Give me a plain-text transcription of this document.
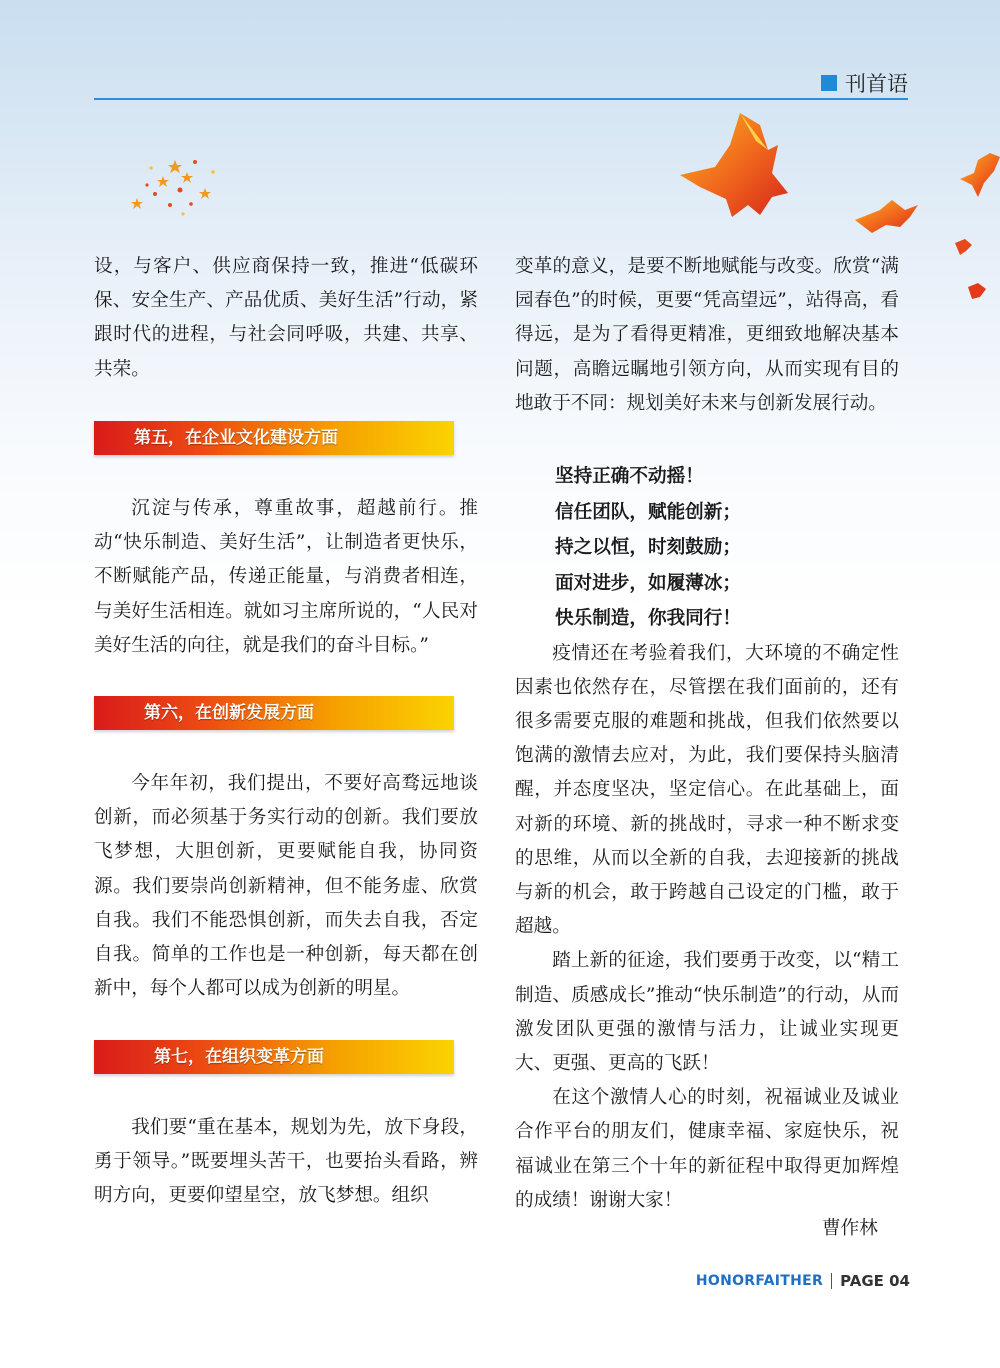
刊首语

设，与客户、供应商保持一致，推进“低碳环保、安全生产、产品优质、美好生活”行动，紧跟时代的进程，与社会同呼吸，共建、共享、共荣。

第五，在企业文化建设方面

沉淀与传承，尊重故事，超越前行。推动“快乐制造、美好生活”，让制造者更快乐，不断赋能产品，传递正能量，与消费者相连，与美好生活相连。就如习主席所说的，“人民对美好生活的向往，就是我们的奋斗目标。”

第六，在创新发展方面

今年年初，我们提出，不要好高骛远地谈创新，而必须基于务实行动的创新。我们要放飞梦想，大胆创新，更要赋能自我，协同资源。我们要崇尚创新精神，但不能务虚、欣赏自我。我们不能恐惧创新，而失去自我，否定自我。简单的工作也是一种创新，每天都在创新中，每个人都可以成为创新的明星。

第七，在组织变革方面

我们要“重在基本，规划为先，放下身段，勇于领导。”既要埋头苦干，也要抬头看路，辨明方向，更要仰望星空，放飞梦想。组织

变革的意义，是要不断地赋能与改变。欣赏“满园春色”的时候，更要“凭高望远”，站得高，看得远，是为了看得更精准，更细致地解决基本问题，高瞻远瞩地引领方向，从而实现有目的地敢于不同：规划美好未来与创新发展行动。

坚持正确不动摇！

信任团队，赋能创新；

持之以恒，时刻鼓励；

面对进步，如履薄冰；

快乐制造，你我同行！

疫情还在考验着我们，大环境的不确定性因素也依然存在，尽管摆在我们面前的，还有很多需要克服的难题和挑战，但我们依然要以饱满的激情去应对，为此，我们要保持头脑清醒，并态度坚决，坚定信心。在此基础上，面对新的环境、新的挑战时，寻求一种不断求变的思维，从而以全新的自我，去迎接新的挑战与新的机会，敢于跨越自己设定的门槛，敢于超越。

踏上新的征途，我们要勇于改变，以“精工制造、质感成长”推动“快乐制造”的行动，从而激发团队更强的激情与活力，让诚业实现更大、更强、更高的飞跃！

在这个激情人心的时刻，祝福诚业及诚业合作平台的朋友们，健康幸福、家庭快乐，祝福诚业在第三个十年的新征程中取得更加辉煌的成绩！谢谢大家！

曹作林
HONORFAITHER PAGE 04
